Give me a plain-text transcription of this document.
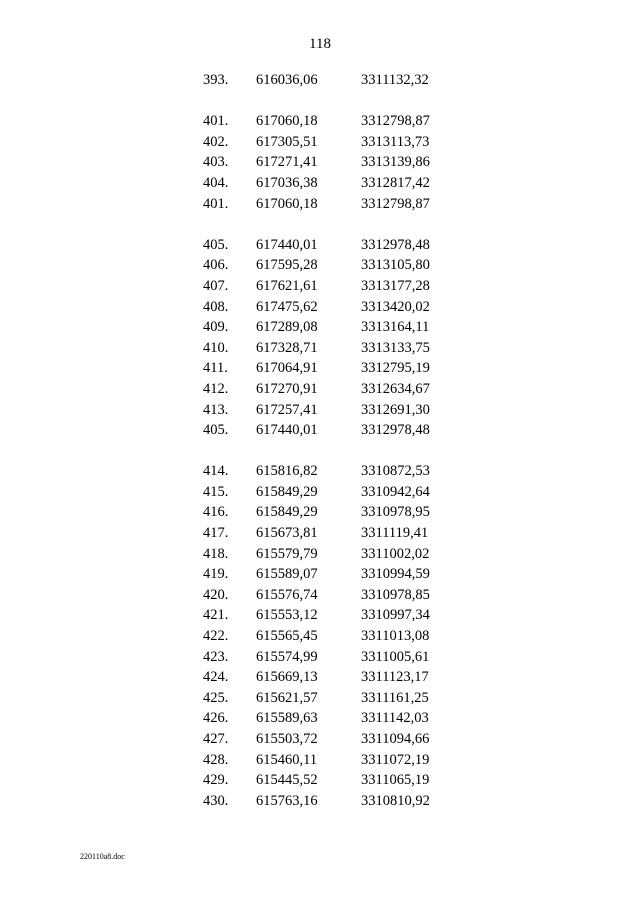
118
393. 616036,06	3311132,32
401. 617060,18	3312798,87
402. 617305,51	3313113,73
403. 617271,41	3313139,86
404. 617036,38	3312817,42
401. 617060,18	3312798,87
405. 617440,01	3312978,48
406. 617595,28	3313105,80
407. 617621,61	3313177,28
408. 617475,62	3313420,02
409. 617289,08	3313164,11
410. 617328,71	3313133,75
411. 617064,91	3312795,19
412. 617270,91	3312634,67
413. 617257,41	3312691,30
405. 617440,01	3312978,48
414. 615816,82	3310872,53
415. 615849,29	3310942,64
416. 615849,29	3310978,95
417. 615673,81	3311119,41
418. 615579,79	3311002,02
419. 615589,07	3310994,59
420. 615576,74	3310978,85
421. 615553,12	3310997,34
422. 615565,45	3311013,08
423. 615574,99	3311005,61
424. 615669,13	3311123,17
425. 615621,57	3311161,25
426. 615589,63	3311142,03
427. 615503,72	3311094,66
428. 615460,11	3311072,19
429. 615445,52	3311065,19
430. 615763,16	3310810,92
220110a8.doc
